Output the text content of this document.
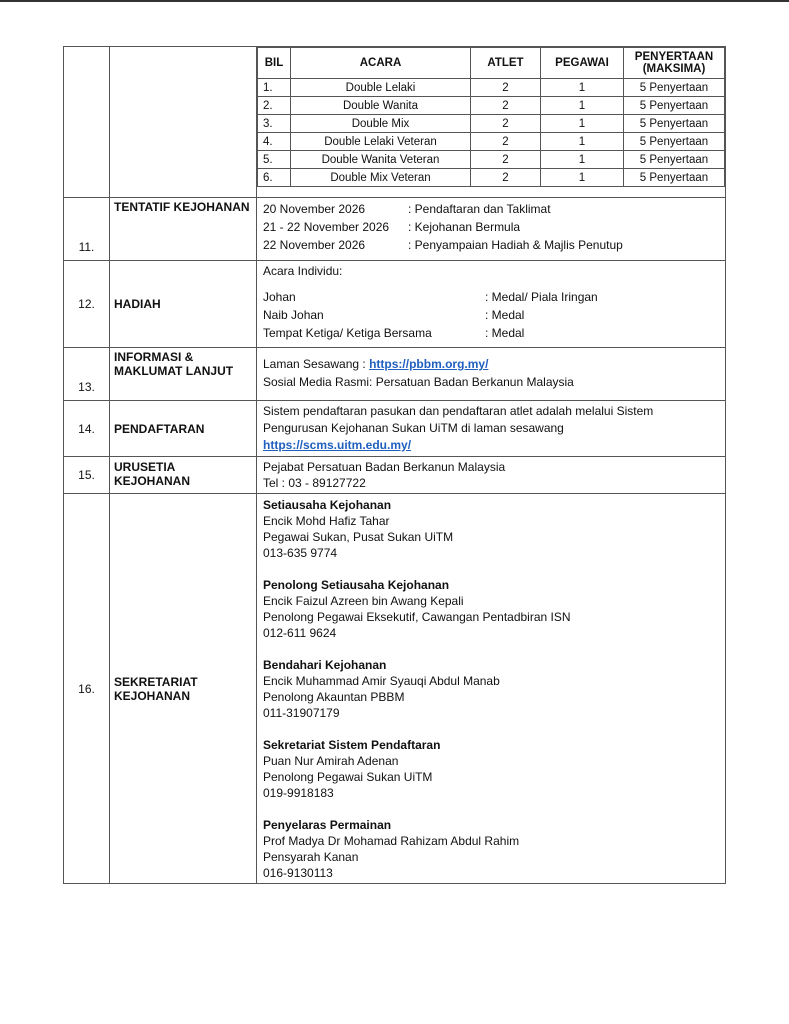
BIL	ACARA	ATLET	PEGAWAI	PENYERTAAN (MAKSIMA)
1.	Double Lelaki	2	1	5 Penyertaan
2.	Double Wanita	2	1	5 Penyertaan
3.	Double Mix	2	1	5 Penyertaan
4.	Double Lelaki Veteran	2	1	5 Penyertaan
5.	Double Wanita Veteran	2	1	5 Penyertaan
6.	Double Mix Veteran	2	1	5 Penyertaan

11.	TENTATIF KEJOHANAN	20 November 2026	: Pendaftaran dan Taklimat
21 - 22 November 2026	: Kejohanan Bermula
22 November 2026	: Penyampaian Hadiah & Majlis Penutup

12.	HADIAH	
Acara Individu:
Johan	: Medal/ Piala Iringan
Naib Johan	: Medal
Tempat Ketiga/ Ketiga Bersama	: Medal

13.	INFORMASI & MAKLUMAT LANJUT	Laman Sesawang : https://pbbm.org.my/
Sosial Media Rasmi: Persatuan Badan Berkanun Malaysia

14.	PENDAFTARAN	
Sistem pendaftaran pasukan dan pendaftaran atlet adalah melalui Sistem Pengurusan Kejohanan Sukan UiTM di laman sesawang
https://scms.uitm.edu.my/
15.	URUSETIA KEJOHANAN	
Pejabat Persatuan Badan Berkanun Malaysia
Tel : 03 - 89127722

16.	SEKRETARIAT KEJOHANAN	
Setiausaha Kejohanan
Encik Mohd Hafiz Tahar
Pegawai Sukan, Pusat Sukan UiTM
013-635 9774
Penolong Setiausaha Kejohanan
Encik Faizul Azreen bin Awang Kepali
Penolong Pegawai Eksekutif, Cawangan Pentadbiran ISN
012-611 9624
Bendahari Kejohanan
Encik Muhammad Amir Syauqi Abdul Manab
Penolong Akauntan PBBM
011-31907179
Sekretariat Sistem Pendaftaran
Puan Nur Amirah Adenan
Penolong Pegawai Sukan UiTM
019-9918183
Penyelaras Permainan
Prof Madya Dr Mohamad Rahizam Abdul Rahim
Pensyarah Kanan
016-9130113
